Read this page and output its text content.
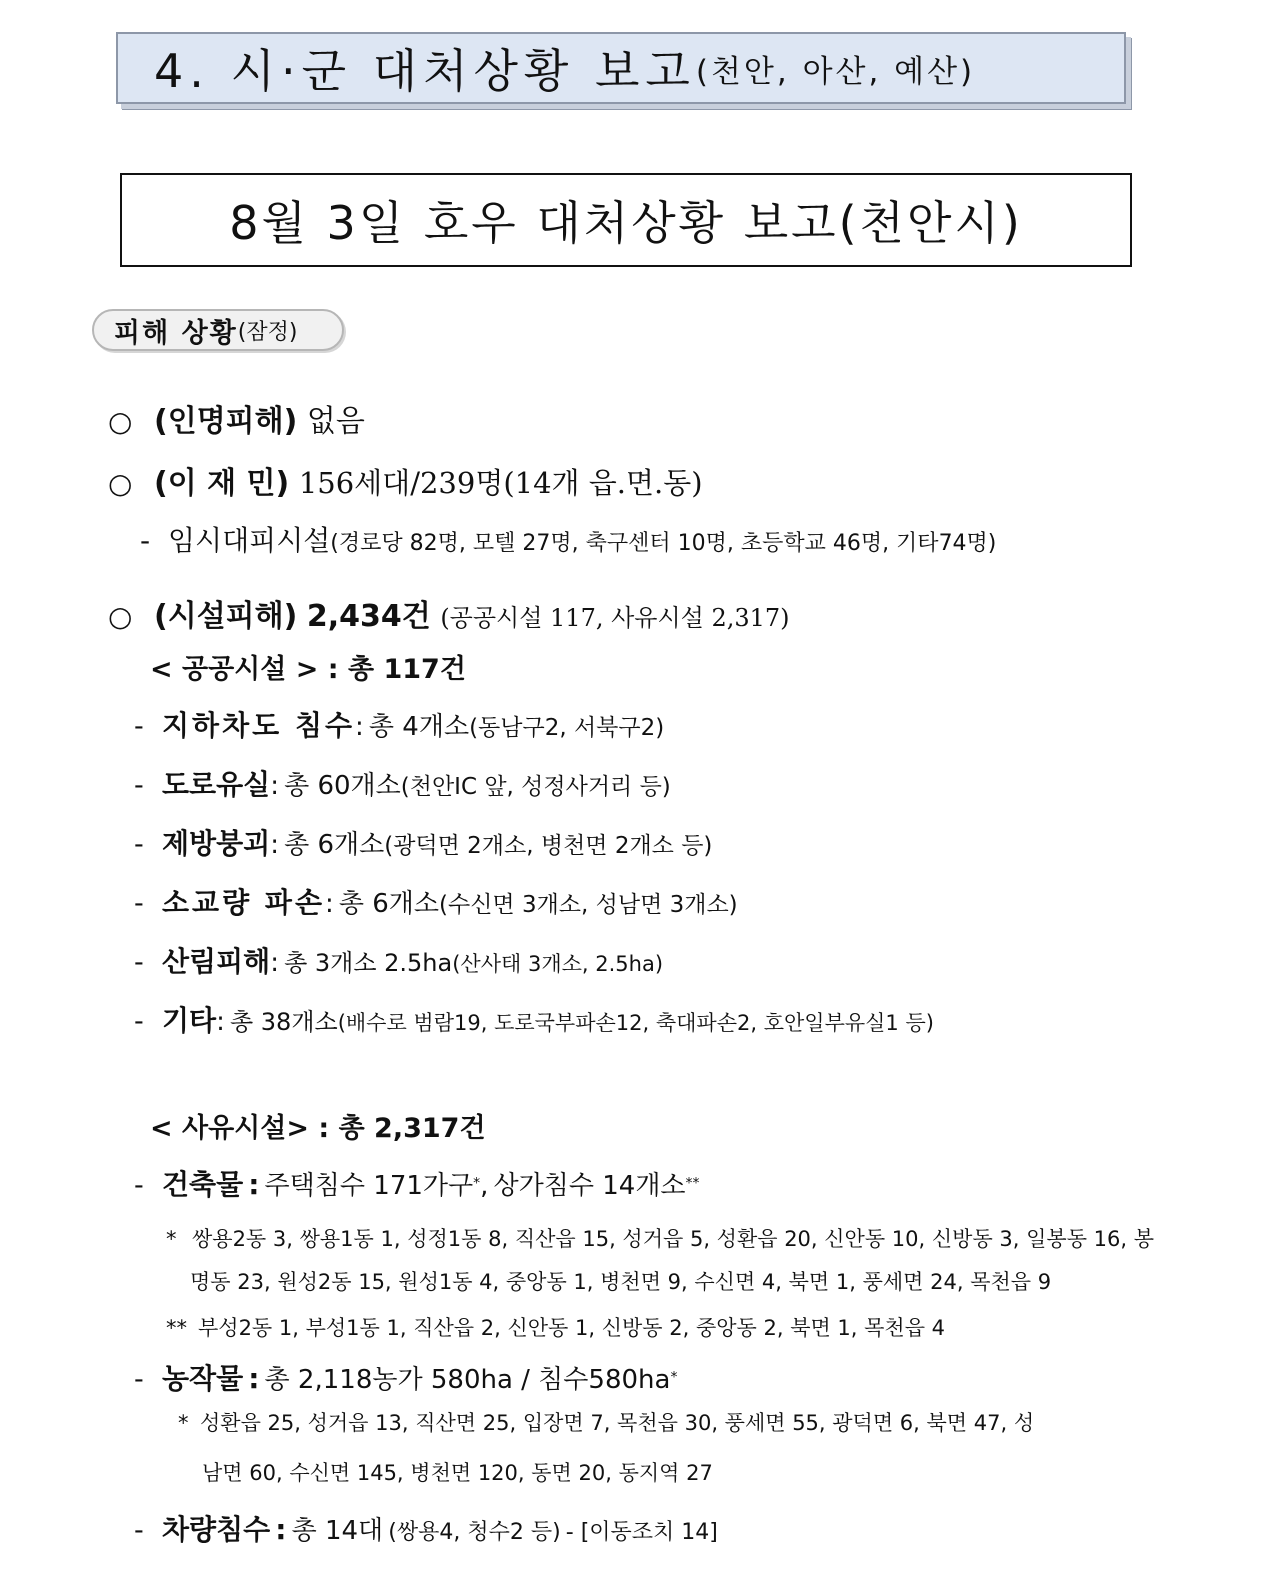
4. 시·군 대처상황 보고 (천안, 아산, 예산)
8월 3일 호우 대처상황 보고(천안시)
피해 상황 (잠정)
○ (인명피해) 없음
○ (이 재 민) 156세대/239명(14개 읍.면.동)
- 임시대피시설(경로당 82명, 모텔 27명, 축구센터 10명, 초등학교 46명, 기타74명)
○ (시설피해) 2,434건 (공공시설 117, 사유시설 2,317)
< 공공시설 > : 총 117건
- 지하차도 침수: 총 4개소(동남구2, 서북구2)
- 도로유실: 총 60개소(천안IC 앞, 성정사거리 등)
- 제방붕괴: 총 6개소(광덕면 2개소, 병천면 2개소 등)
- 소교량 파손: 총 6개소(수신면 3개소, 성남면 3개소)
- 산림피해: 총 3개소 2.5ha(산사태 3개소, 2.5ha)
- 기타: 총 38개소(배수로 범람19, 도로국부파손12, 축대파손2, 호안일부유실1 등)
< 사유시설> : 총 2,317건
- 건축물 : 주택침수 171가구*, 상가침수 14개소**
* 쌍용2동 3, 쌍용1동 1, 성정1동 8, 직산읍 15, 성거읍 5, 성환읍 20, 신안동 10, 신방동 3, 일봉동 16, 봉
명동 23, 원성2동 15, 원성1동 4, 중앙동 1, 병천면 9, 수신면 4, 북면 1, 풍세면 24, 목천읍 9
** 부성2동 1, 부성1동 1, 직산읍 2, 신안동 1, 신방동 2, 중앙동 2, 북면 1, 목천읍 4
- 농작물 : 총 2,118농가 580ha / 침수580ha*
* 성환읍 25, 성거읍 13, 직산면 25, 입장면 7, 목천읍 30, 풍세면 55, 광덕면 6, 북면 47, 성
남면 60, 수신면 145, 병천면 120, 동면 20, 동지역 27
- 차량침수 : 총 14대 (쌍용4, 청수2 등) - [이동조치 14]
